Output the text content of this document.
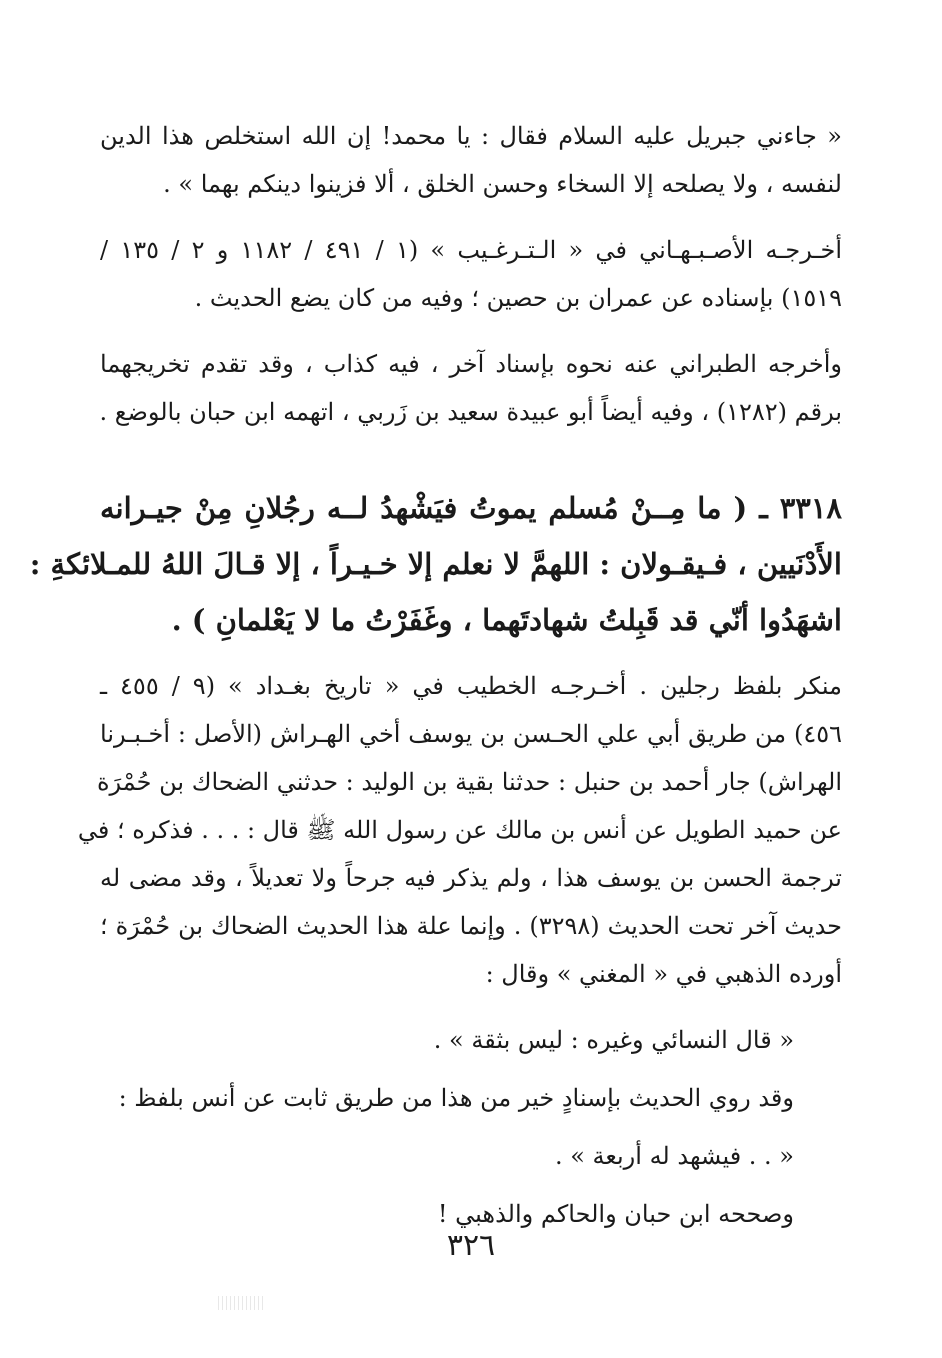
« جاءني جبريل عليه السلام فقال : يا محمد! إن الله استخلص هذا الدين
لنفسه ، ولا يصلحه إلا السخاء وحسن الخلق ، ألا فزينوا دينكم بهما » .
أخـرجـه الأصـبـهـاني في « الـتـرغـيب » (١ / ٤٩١ / ١١٨٢ و ٢ / ١٣٥ /
١٥١٩) بإسناده عن عمران بن حصين ؛ وفيه من كان يضع الحديث .
وأخرجه الطبراني عنه نحوه بإسناد آخر ، فيه كذاب ، وقد تقدم تخريجهما
برقم (١٢٨٢) ، وفيه أيضاً أبو عبيدة سعيد بن زَربي ، اتهمه ابن حبان بالوضع .
٣٣١٨ ـ ( ما مِــنْ مُسلم يموتُ فيَشْهدُ لــه رجُلانِ مِنْ جيـرانه
الأَدْنَيين ، فـيقـولان : اللهمَّ لا نعلم إلا خـيـراً ، إلا قـالَ اللهُ للمـلائكةِ :
اشهَدُوا أنّي قد قَبِلتُ شهادتَهما ، وغَفَرْتُ ما لا يَعْلمانِ ) .
منكر بلفظ رجلين . أخـرجـه الخطيب في « تاريخ بغـداد » (٩ / ٤٥٥ ـ
٤٥٦) من طريق أبي علي الحـسن بن يوسف أخي الهـراش (الأصل : أخـبـرنا
الهراش) جار أحمد بن حنبل : حدثنا بقية بن الوليد : حدثني الضحاك بن حُمْرَة
عن حميد الطويل عن أنس بن مالك عن رسول الله ﷺ قال : . . . فذكره ؛ في
ترجمة الحسن بن يوسف هذا ، ولم يذكر فيه جرحاً ولا تعديلاً ، وقد مضى له
حديث آخر تحت الحديث (٣٢٩٨) . وإنما علة هذا الحديث الضحاك بن حُمْرَة ؛
أورده الذهبي في « المغني » وقال :
« قال النسائي وغيره : ليس بثقة » .
وقد روي الحديث بإسنادٍ خير من هذا من طريق ثابت عن أنس بلفظ :
« . . فيشهد له أربعة » .
وصححه ابن حبان والحاكم والذهبي !
٣٢٦
